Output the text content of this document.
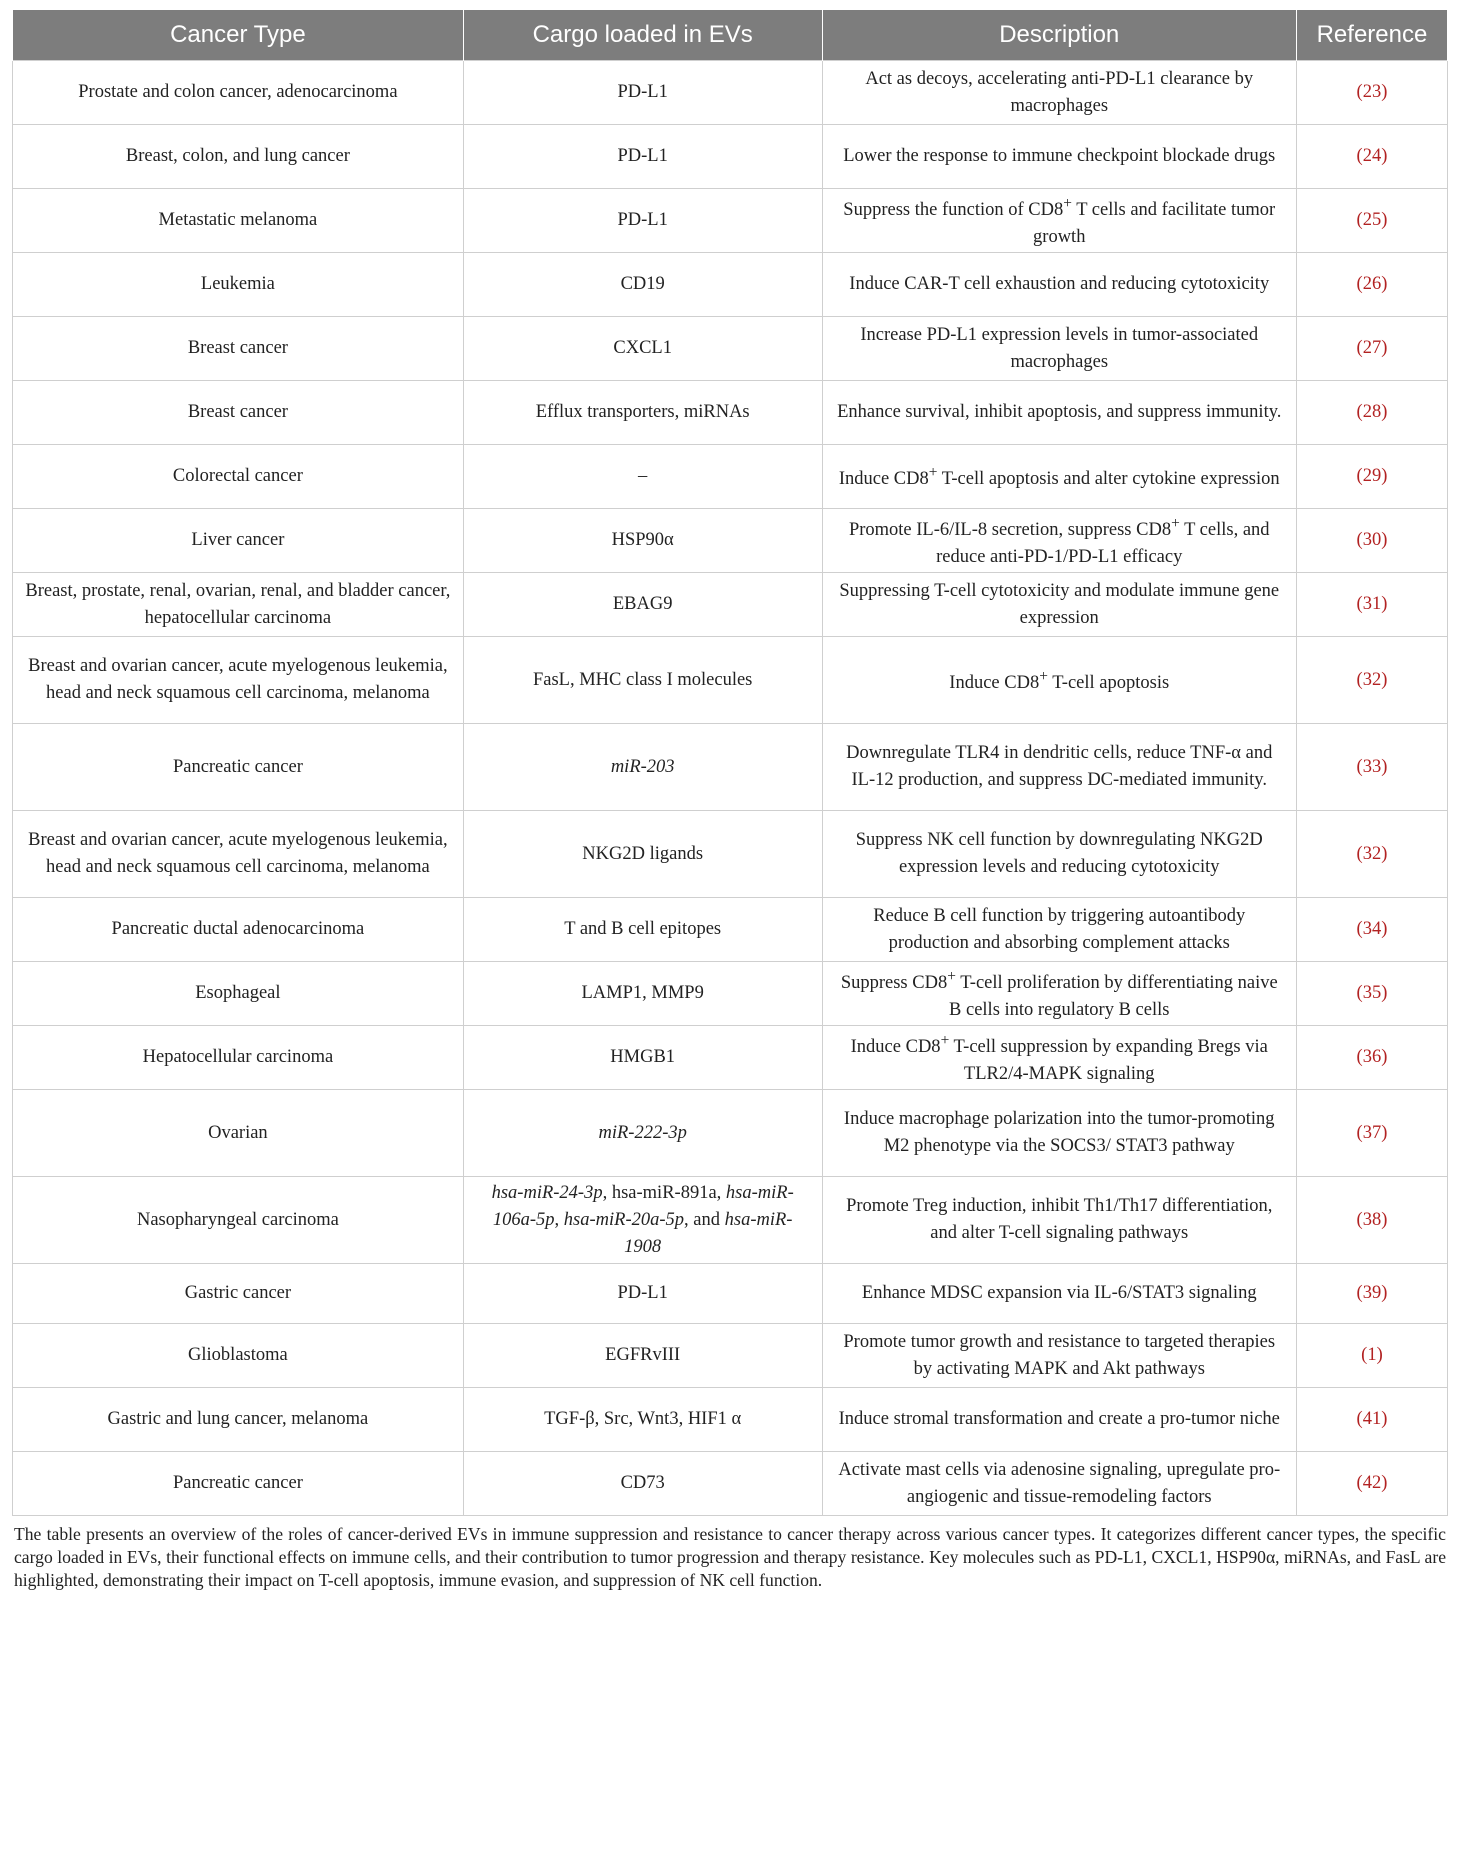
Cancer Type	Cargo loaded in EVs	Description	Reference
Prostate and colon cancer, adenocarcinoma	PD-L1	Act as decoys, accelerating anti-PD-L1 clearance by macrophages	(23)
Breast, colon, and lung cancer	PD-L1	Lower the response to immune checkpoint blockade drugs	(24)
Metastatic melanoma	PD-L1	Suppress the function of CD8+ T cells and facilitate tumor growth	(25)
Leukemia	CD19	Induce CAR-T cell exhaustion and reducing cytotoxicity	(26)
Breast cancer	CXCL1	Increase PD-L1 expression levels in tumor-associated macrophages	(27)
Breast cancer	Efflux transporters, miRNAs	Enhance survival, inhibit apoptosis, and suppress immunity.	(28)
Colorectal cancer	–	Induce CD8+ T-cell apoptosis and alter cytokine expression	(29)
Liver cancer	HSP90α	Promote IL-6/IL-8 secretion, suppress CD8+ T cells, and reduce anti-PD-1/PD-L1 efficacy	(30)
Breast, prostate, renal, ovarian, renal, and bladder cancer, hepatocellular carcinoma	EBAG9	Suppressing T-cell cytotoxicity and modulate immune gene expression	(31)
Breast and ovarian cancer, acute myelogenous leukemia, head and neck squamous cell carcinoma, melanoma	FasL, MHC class I molecules	Induce CD8+ T-cell apoptosis	(32)
Pancreatic cancer	miR-203	Downregulate TLR4 in dendritic cells, reduce TNF-α and IL-12 production, and suppress DC-mediated immunity.	(33)
Breast and ovarian cancer, acute myelogenous leukemia, head and neck squamous cell carcinoma, melanoma	NKG2D ligands	Suppress NK cell function by downregulating NKG2D expression levels and reducing cytotoxicity	(32)
Pancreatic ductal adenocarcinoma	T and B cell epitopes	Reduce B cell function by triggering autoantibody production and absorbing complement attacks	(34)
Esophageal	LAMP1, MMP9	Suppress CD8+ T-cell proliferation by differentiating naive B cells into regulatory B cells	(35)
Hepatocellular carcinoma	HMGB1	Induce CD8+ T-cell suppression by expanding Bregs via TLR2/4-MAPK signaling	(36)
Ovarian	miR-222-3p	Induce macrophage polarization into the tumor-promoting M2 phenotype via the SOCS3/ STAT3 pathway	(37)
Nasopharyngeal carcinoma	hsa-miR-24-3p, hsa-miR-891a, hsa-miR-106a-5p, hsa-miR-20a-5p, and hsa-miR-1908	Promote Treg induction, inhibit Th1/Th17 differentiation, and alter T-cell signaling pathways	(38)
Gastric cancer	PD-L1	Enhance MDSC expansion via IL-6/STAT3 signaling	(39)
Glioblastoma	EGFRvIII	Promote tumor growth and resistance to targeted therapies by activating MAPK and Akt pathways	(1)
Gastric and lung cancer, melanoma	TGF-β, Src, Wnt3, HIF1 α	Induce stromal transformation and create a pro-tumor niche	(41)
Pancreatic cancer	CD73	Activate mast cells via adenosine signaling, upregulate pro-angiogenic and tissue-remodeling factors	(42)
The table presents an overview of the roles of cancer-derived EVs in immune suppression and resistance to cancer therapy across various cancer types. It categorizes different cancer types, the specific cargo loaded in EVs, their functional effects on immune cells, and their contribution to tumor progression and therapy resistance. Key molecules such as PD-L1, CXCL1, HSP90α, miRNAs, and FasL are highlighted, demonstrating their impact on T-cell apoptosis, immune evasion, and suppression of NK cell function.
